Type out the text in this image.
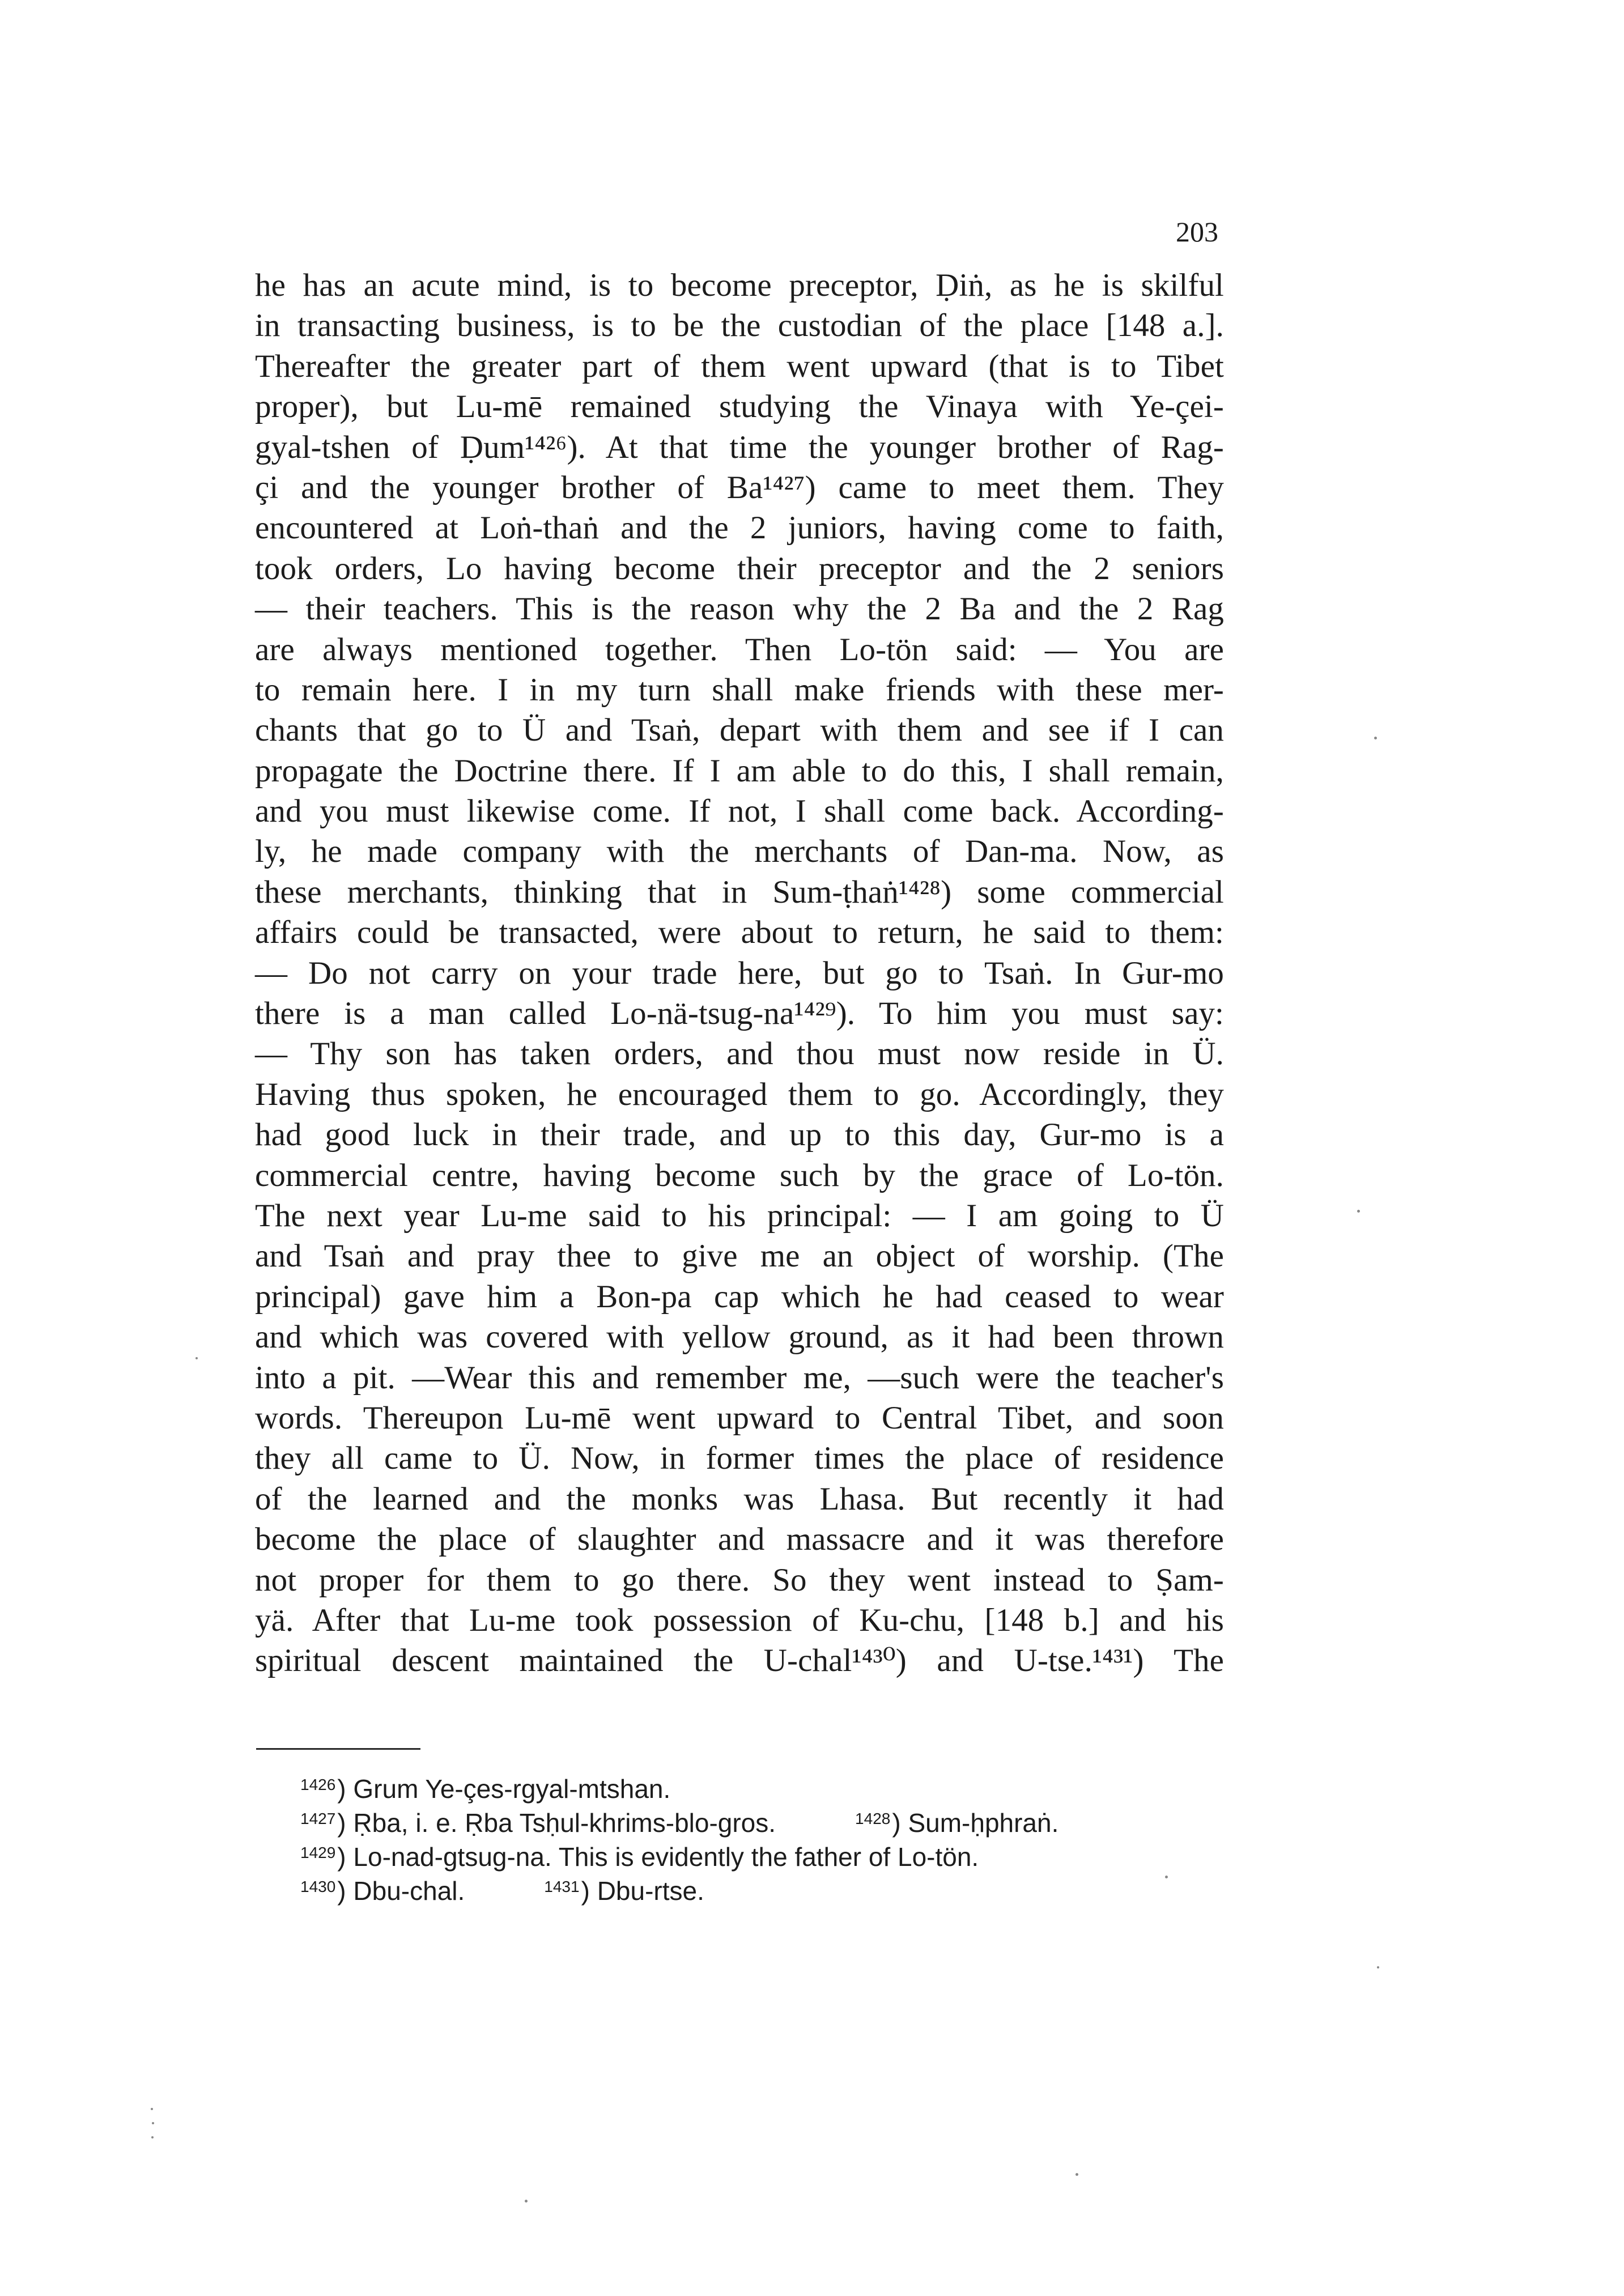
203
he has an acute mind, is to become preceptor, Ḍiṅ, as he is skilful
in transacting business, is to be the custodian of the place [148 a.].
Thereafter the greater part of them went upward (that is to Tibet
proper), but Lu-mē remained studying the Vinaya with Ye-çei-
gyal-tshen of Ḍum¹⁴²⁶). At that time the younger brother of Rag-
çi and the younger brother of Ba¹⁴²⁷) came to meet them. They
encountered at Loṅ-thaṅ and the 2 juniors, having come to faith,
took orders, Lo having become their preceptor and the 2 seniors
— their teachers. This is the reason why the 2 Ba and the 2 Rag
are always mentioned together. Then Lo-tön said: — You are
to remain here. I in my turn shall make friends with these mer-
chants that go to Ü and Tsaṅ, depart with them and see if I can
propagate the Doctrine there. If I am able to do this, I shall remain,
and you must likewise come. If not, I shall come back. According-
ly, he made company with the merchants of Dan-ma. Now, as
these merchants, thinking that in Sum-ṭhaṅ¹⁴²⁸) some commercial
affairs could be transacted, were about to return, he said to them:
— Do not carry on your trade here, but go to Tsaṅ. In Gur-mo
there is a man called Lo-nä-tsug-na¹⁴²⁹). To him you must say:
— Thy son has taken orders, and thou must now reside in Ü.
Having thus spoken, he encouraged them to go. Accordingly, they
had good luck in their trade, and up to this day, Gur-mo is a
commercial centre, having become such by the grace of Lo-tön.
The next year Lu-me said to his principal: — I am going to Ü
and Tsaṅ and pray thee to give me an object of worship. (The
principal) gave him a Bon-pa cap which he had ceased to wear
and which was covered with yellow ground, as it had been thrown
into a pit. —Wear this and remember me, —such were the teacher's
words. Thereupon Lu-mē went upward to Central Tibet, and soon
they all came to Ü. Now, in former times the place of residence
of the learned and the monks was Lhasa. But recently it had
become the place of slaughter and massacre and it was therefore
not proper for them to go there. So they went instead to Ṣam-
yä. After that Lu-me took possession of Ku-chu, [148 b.] and his
spiritual descent maintained the U-chal¹⁴³⁰) and U-tse.¹⁴³¹) The
$^{1426}$) Grum Ye-çes-rgyal-mtshan.
$^{1427}$) Ṛba, i. e. Ṛba Tsḥul-khrims-blo-gros.	$^{1428}$) Sum-ḥphraṅ.
$^{1429}$) Lo-nad-gtsug-na. This is evidently the father of Lo-tön.
$^{1430}$) Dbu-chal.	$^{1431}$) Dbu-rtse.
